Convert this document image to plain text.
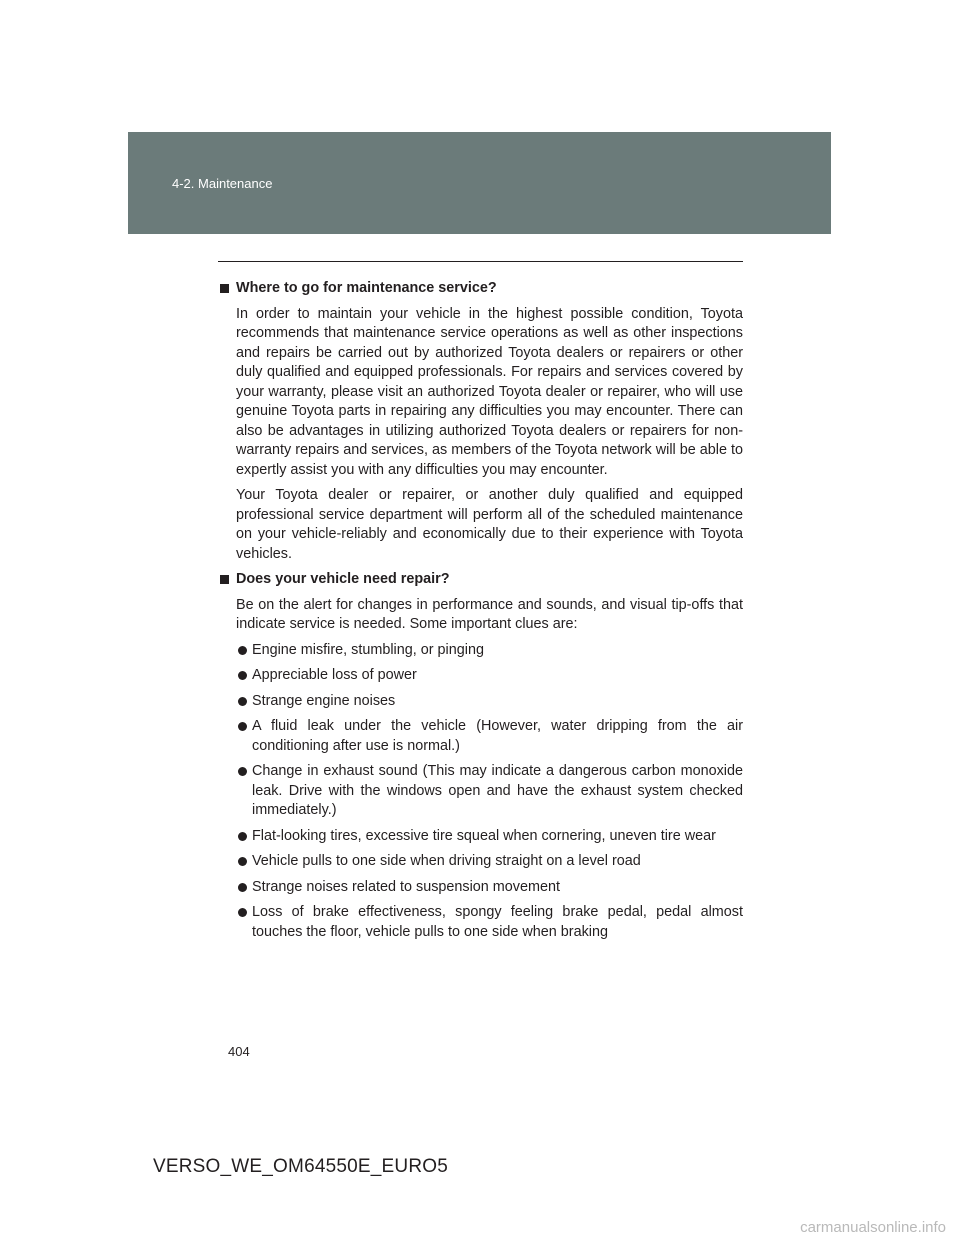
4-2. Maintenance
Where to go for maintenance service?

In order to maintain your vehicle in the highest possible condition, Toyota recommends that maintenance service operations as well as other inspections and repairs be carried out by authorized Toyota dealers or repairers or other duly qualified and equipped professionals. For repairs and services covered by your warranty, please visit an authorized Toyota dealer or repairer, who will use genuine Toyota parts in repairing any difficulties you may encounter. There can also be advantages in utilizing authorized Toyota dealers or repairers for non-warranty repairs and services, as members of the Toyota network will be able to expertly assist you with any difficulties you may encounter.

Your Toyota dealer or repairer, or another duly qualified and equipped professional service department will perform all of the scheduled maintenance on your vehicle-reliably and economically due to their experience with Toyota vehicles.

Does your vehicle need repair?

Be on the alert for changes in performance and sounds, and visual tip-offs that indicate service is needed. Some important clues are:

Engine misfire, stumbling, or pinging
Appreciable loss of power
Strange engine noises
A fluid leak under the vehicle (However, water dripping from the air conditioning after use is normal.)
Change in exhaust sound (This may indicate a dangerous carbon monoxide leak. Drive with the windows open and have the exhaust system checked immediately.)
Flat-looking tires, excessive tire squeal when cornering, uneven tire wear
Vehicle pulls to one side when driving straight on a level road
Strange noises related to suspension movement
Loss of brake effectiveness, spongy feeling brake pedal, pedal almost touches the floor, vehicle pulls to one side when braking
404
VERSO_WE_OM64550E_EURO5
carmanualsonline.info
